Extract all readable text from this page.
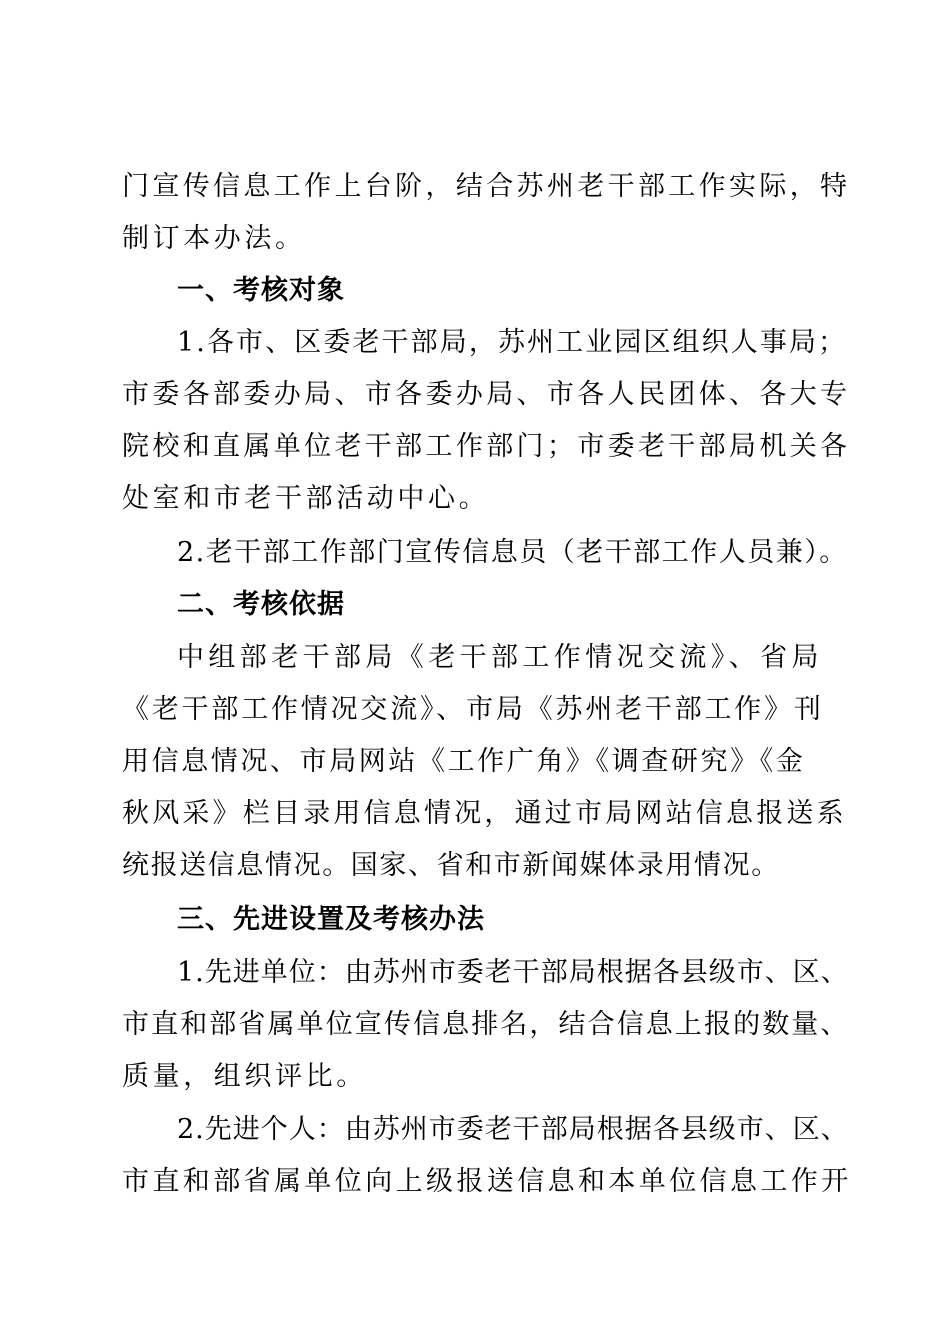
门宣传信息工作上台阶，结合苏州老干部工作实际，特
制订本办法。
一、考核对象
1.各市、区委老干部局，苏州工业园区组织人事局；
市委各部委办局、市各委办局、市各人民团体、各大专
院校和直属单位老干部工作部门；市委老干部局机关各
处室和市老干部活动中心。
2.老干部工作部门宣传信息员（老干部工作人员兼）。
二、考核依据
中组部老干部局《老干部工作情况交流》、省局
《老干部工作情况交流》、市局《苏州老干部工作》刊
用信息情况、市局网站《工作广角》《调查研究》《金
秋风采》栏目录用信息情况，通过市局网站信息报送系
统报送信息情况。国家、省和市新闻媒体录用情况。
三、先进设置及考核办法
1.先进单位：由苏州市委老干部局根据各县级市、区、
市直和部省属单位宣传信息排名，结合信息上报的数量、
质量，组织评比。
2.先进个人：由苏州市委老干部局根据各县级市、区、
市直和部省属单位向上级报送信息和本单位信息工作开
